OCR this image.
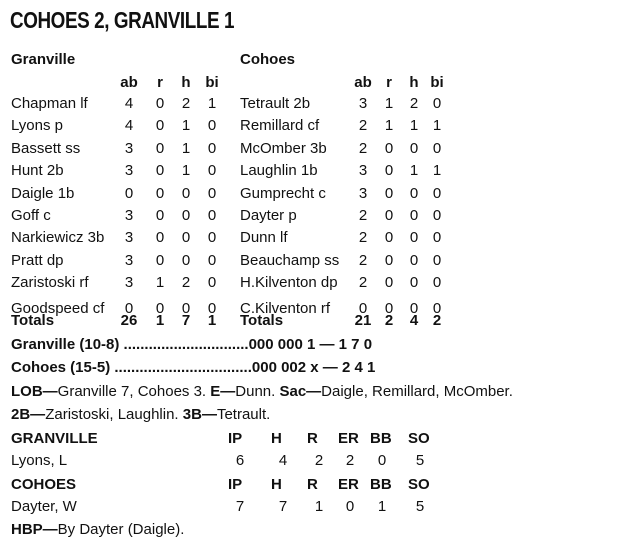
COHOES 2, GRANVILLE 1
Granville
ab	r	h bi
Chapman lf	4	0	2	1
Lyons p	4	0	1	0
Bassett ss	3	0	1	0
Hunt 2b	3	0	1	0
Daigle 1b	0	0	0	0
Goff c	3	0	0	0
Narkiewicz 3b	3	0	0	0
Pratt dp	3	0	0	0
Zaristoski rf	3	1	2	0
Goodspeed cf	0	0	0	0
Totals	26	1	7	1
Cohoes
ab r	h bi
Tetrault 2b	3	1	2 0
Remillard cf	2	1	1 1
McOmber 3b	2	0	0 0
Laughlin 1b	3	0	1 1
Gumprecht c	3	0	0 0
Dayter p	2	0	0 0
Dunn lf	2	0	0 0
Beauchamp ss	2	0	0 0
H.Kilventon dp	2	0	0 0
C.Kilventon rf	0	0	0 0
Totals	21 2	4 2
Granville (10-8) ..............................000 000 1 — 1 7 0
Cohoes (15-5) .................................000 002 x — 2 4 1
LOB—Granville 7, Cohoes 3. E—Dunn. Sac—Daigle, Remillard, McOmber.
2B—Zaristoski, Laughlin. 3B—Tetrault.
GRANVILLE	IP H R ER BB SO
Lyons, L	6	4	2	2	0	5
COHOES	IP H R ER BB SO
Dayter, W	7	7	1	0	1	5
HBP—By Dayter (Daigle).
